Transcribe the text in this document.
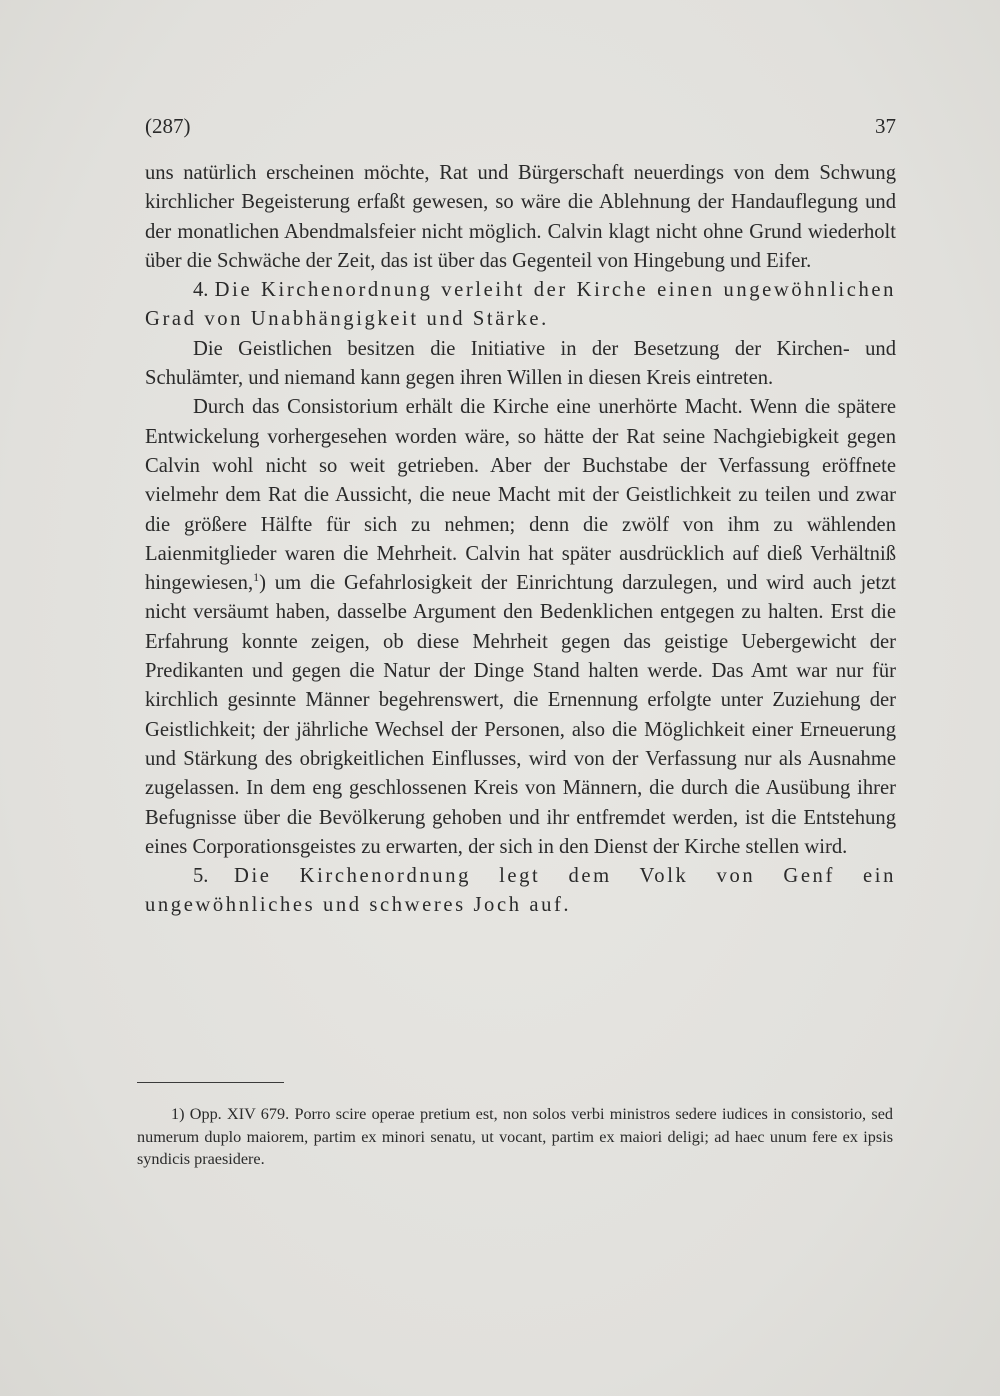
(287)	37

uns natürlich erscheinen möchte, Rat und Bürgerschaft neuerdings von dem Schwung kirchlicher Begeisterung erfaßt gewesen, so wäre die Ablehnung der Handauflegung und der monatlichen Abendmalsfeier nicht möglich. Calvin klagt nicht ohne Grund wiederholt über die Schwäche der Zeit, das ist über das Gegenteil von Hingebung und Eifer.

4. Die Kirchenordnung verleiht der Kirche einen ungewöhnlichen Grad von Unabhängigkeit und Stärke.

Die Geistlichen besitzen die Initiative in der Besetzung der Kirchen- und Schulämter, und niemand kann gegen ihren Willen in diesen Kreis eintreten.

Durch das Consistorium erhält die Kirche eine unerhörte Macht. Wenn die spätere Entwickelung vorhergesehen worden wäre, so hätte der Rat seine Nachgiebigkeit gegen Calvin wohl nicht so weit getrieben. Aber der Buchstabe der Verfassung eröffnete vielmehr dem Rat die Aussicht, die neue Macht mit der Geistlichkeit zu teilen und zwar die größere Hälfte für sich zu nehmen; denn die zwölf von ihm zu wählenden Laienmitglieder waren die Mehrheit. Calvin hat später ausdrücklich auf dieß Verhältniß hingewiesen,$^1$) um die Gefahrlosigkeit der Einrichtung darzulegen, und wird auch jetzt nicht versäumt haben, dasselbe Argument den Bedenklichen entgegen zu halten. Erst die Erfahrung konnte zeigen, ob diese Mehrheit gegen das geistige Uebergewicht der Predikanten und gegen die Natur der Dinge Stand halten werde. Das Amt war nur für kirchlich gesinnte Männer begehrenswert, die Ernennung erfolgte unter Zuziehung der Geistlichkeit; der jährliche Wechsel der Personen, also die Möglichkeit einer Erneuerung und Stärkung des obrigkeitlichen Einflusses, wird von der Verfassung nur als Ausnahme zugelassen. In dem eng geschlossenen Kreis von Männern, die durch die Ausübung ihrer Befugnisse über die Bevölkerung gehoben und ihr entfremdet werden, ist die Entstehung eines Corporationsgeistes zu erwarten, der sich in den Dienst der Kirche stellen wird.

5. Die Kirchenordnung legt dem Volk von Genf ein ungewöhnliches und schweres Joch auf.

1) Opp. XIV 679. Porro scire operae pretium est, non solos verbi ministros sedere iudices in consistorio, sed numerum duplo maiorem, partim ex minori senatu, ut vocant, partim ex maiori deligi; ad haec unum fere ex ipsis syndicis praesidere.
